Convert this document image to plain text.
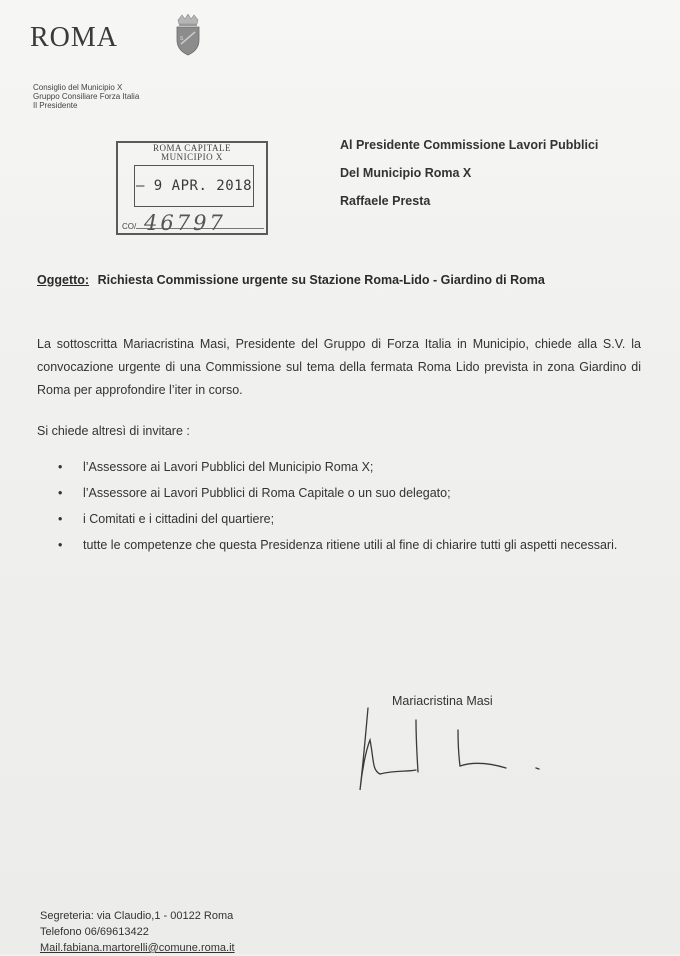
ROMA	S
Consiglio del Municipio X
Gruppo Consiliare Forza Italia
Il Presidente
ROMA CAPITALE
MUNICIPIO X
– 9 APR. 2018
CO/ 46797
Al Presidente Commissione Lavori Pubblici
Del Municipio Roma X
Raffaele Presta
Oggetto: Richiesta Commissione urgente su Stazione Roma-Lido - Giardino di Roma
La sottoscritta Mariacristina Masi, Presidente del Gruppo di Forza Italia in Municipio, chiede alla S.V. la convocazione urgente di una Commissione sul tema della fermata Roma Lido prevista in zona Giardino di Roma per approfondire l’iter in corso.
Si chiede altresì di invitare :
• l’Assessore ai Lavori Pubblici del Municipio Roma X;
• l’Assessore ai Lavori Pubblici di Roma Capitale o un suo delegato;
• i Comitati e i cittadini del quartiere;
• tutte le competenze che questa Presidenza ritiene utili al fine di chiarire tutti gli aspetti necessari.
Mariacristina Masi
Segreteria: via Claudio,1 - 00122 Roma
Telefono 06/69613422
Mail.fabiana.martorelli@comune.roma.it
